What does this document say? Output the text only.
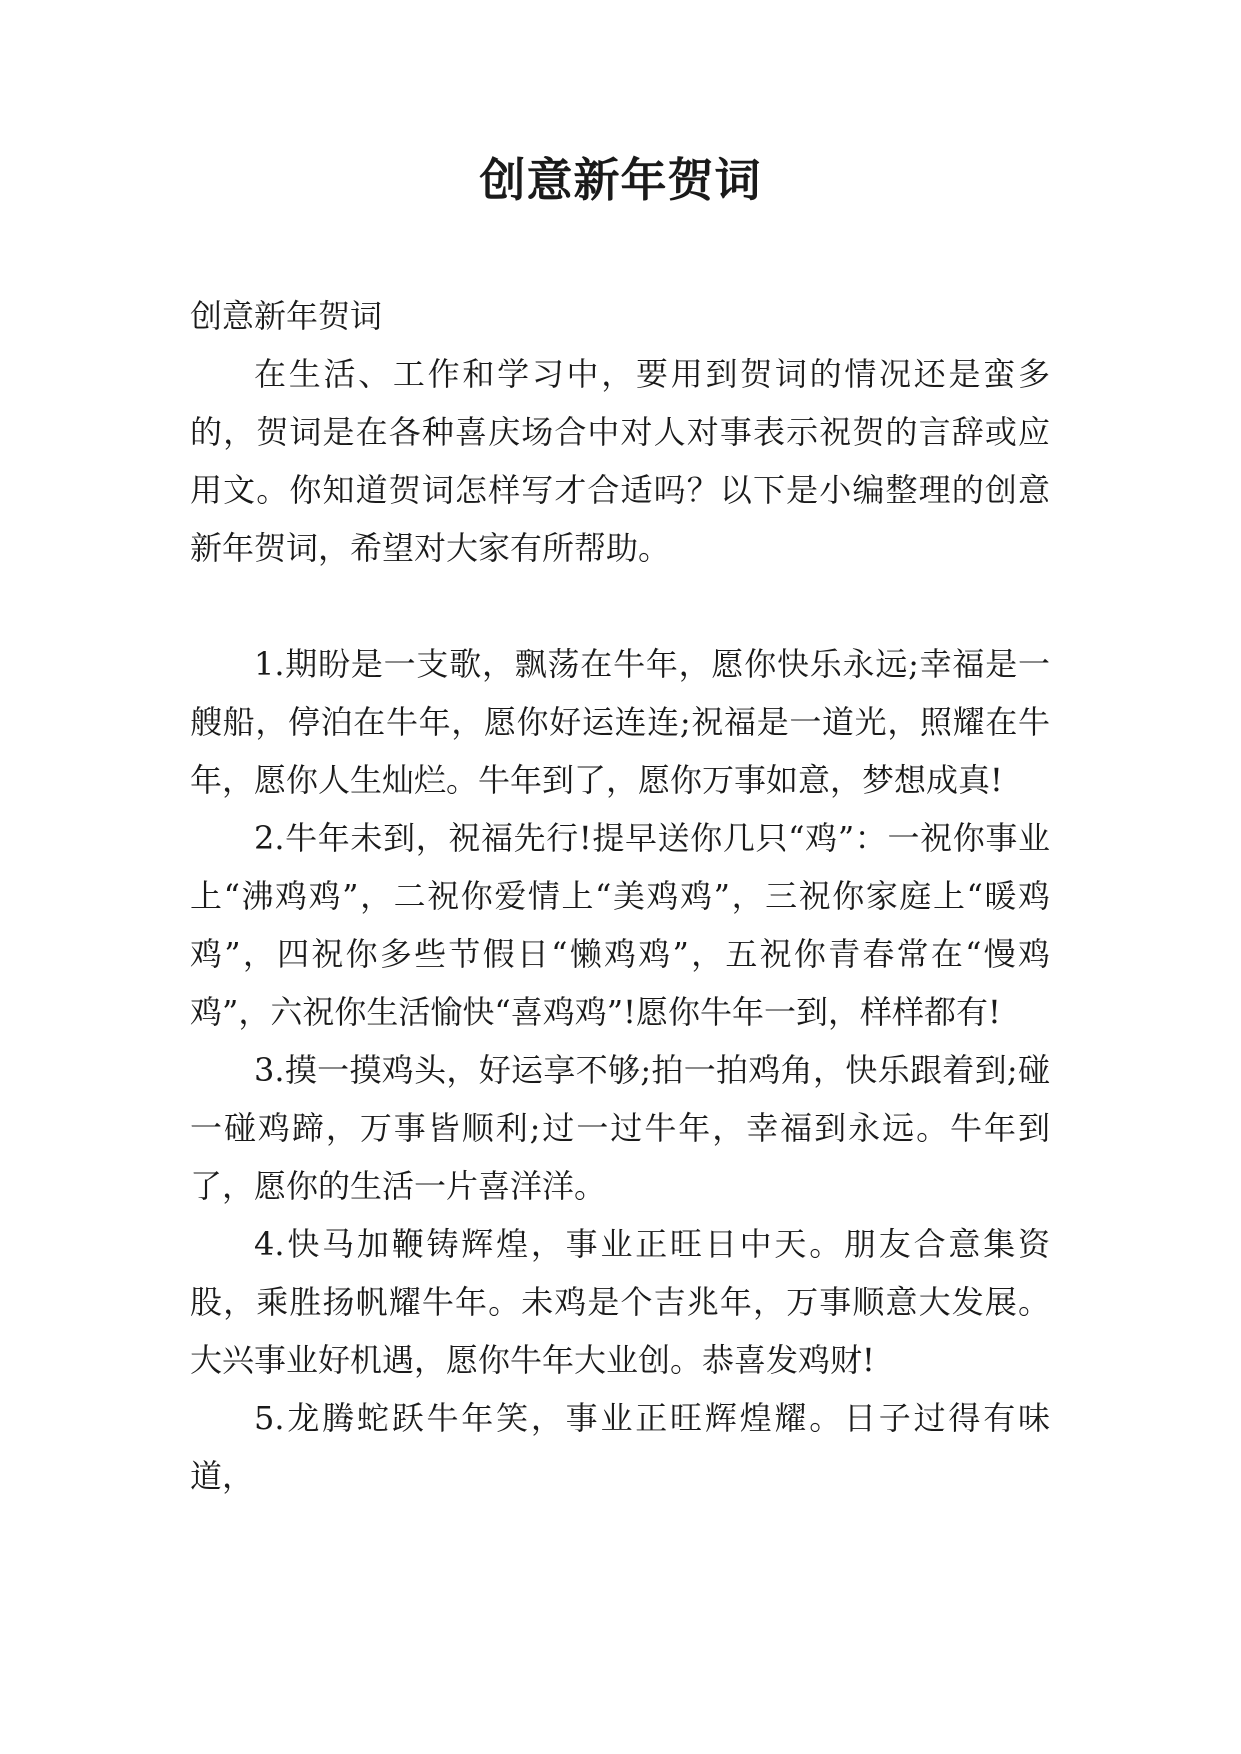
创意新年贺词

创意新年贺词

在生活、工作和学习中，要用到贺词的情况还是蛮多的，贺词是在各种喜庆场合中对人对事表示祝贺的言辞或应用文。你知道贺词怎样写才合适吗？以下是小编整理的创意新年贺词，希望对大家有所帮助。

1.期盼是一支歌，飘荡在牛年，愿你快乐永远;幸福是一艘船，停泊在牛年，愿你好运连连;祝福是一道光，照耀在牛年，愿你人生灿烂。牛年到了，愿你万事如意，梦想成真!

2.牛年未到，祝福先行!提早送你几只“鸡”：一祝你事业上“沸鸡鸡”，二祝你爱情上“美鸡鸡”，三祝你家庭上“暖鸡鸡”，四祝你多些节假日“懒鸡鸡”，五祝你青春常在“慢鸡鸡”，六祝你生活愉快“喜鸡鸡”!愿你牛年一到，样样都有!

3.摸一摸鸡头，好运享不够;拍一拍鸡角，快乐跟着到;碰一碰鸡蹄，万事皆顺利;过一过牛年，幸福到永远。牛年到了，愿你的生活一片喜洋洋。

4.快马加鞭铸辉煌，事业正旺日中天。朋友合意集资股，乘胜扬帆耀牛年。未鸡是个吉兆年，万事顺意大发展。大兴事业好机遇，愿你牛年大业创。恭喜发鸡财!

5.龙腾蛇跃牛年笑，事业正旺辉煌耀。日子过得有味道，
